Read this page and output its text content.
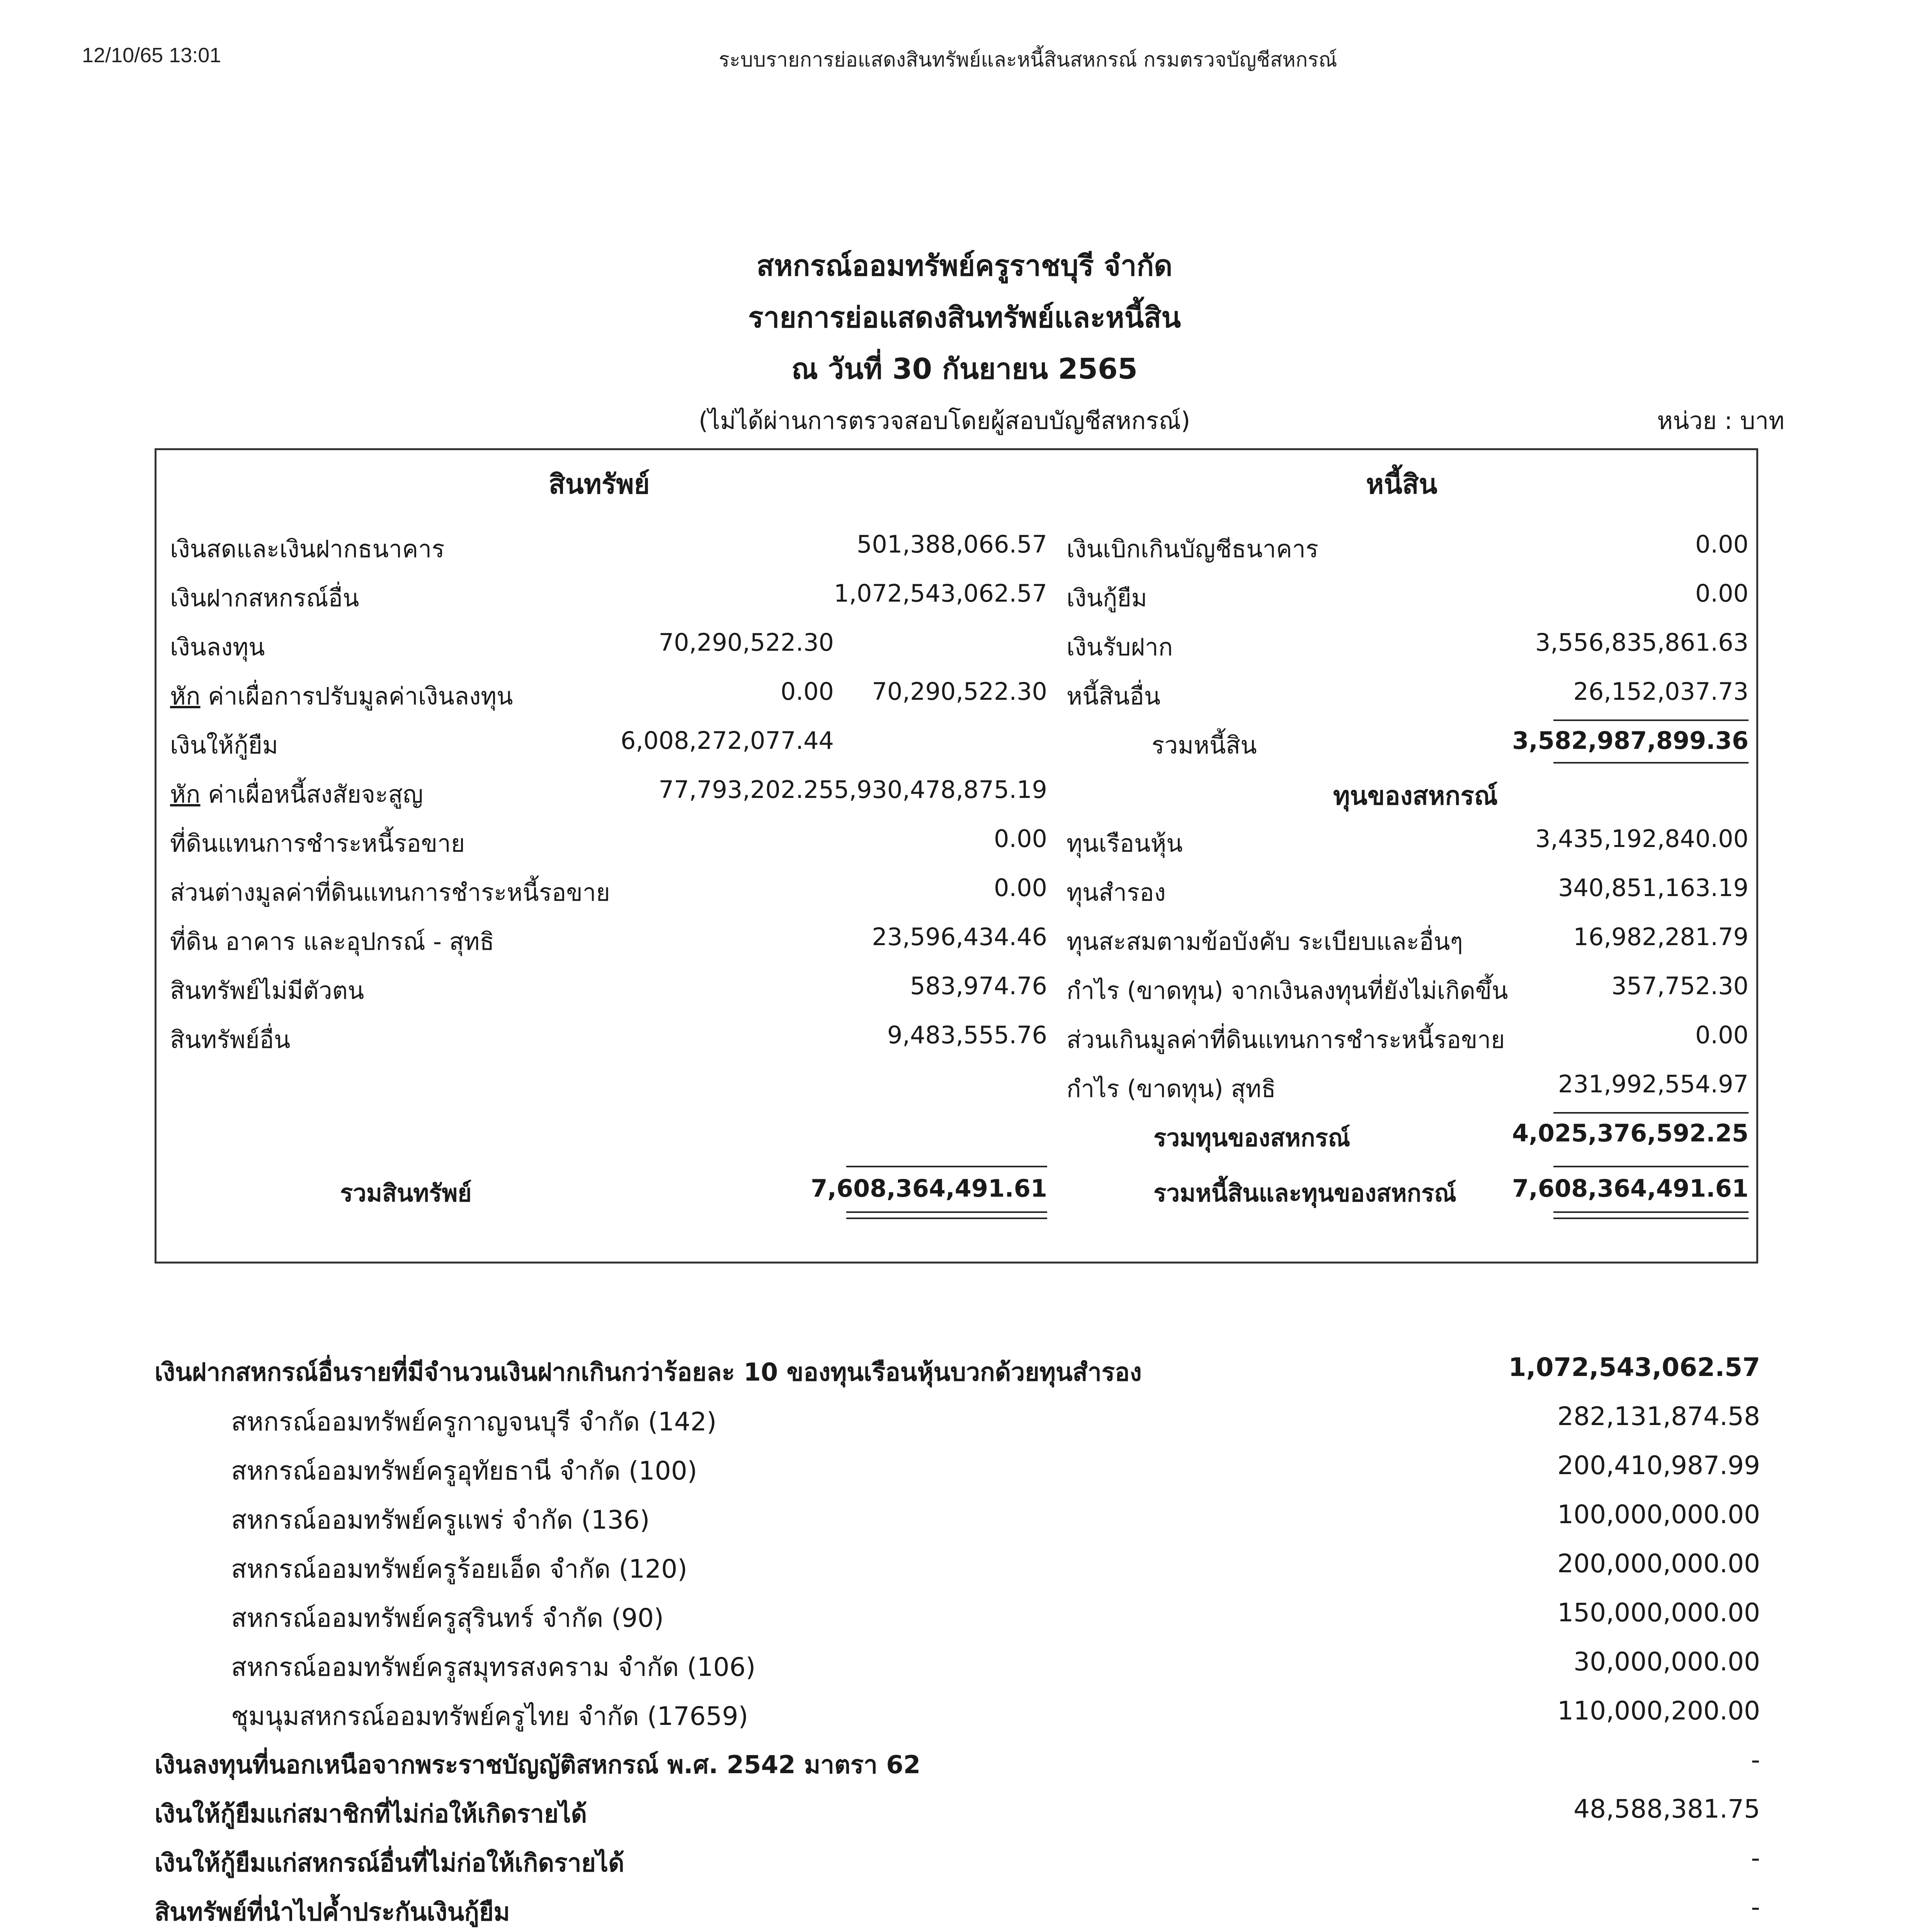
12/10/65 13:01	ระบบรายการย่อแสดงสินทรัพย์และหนี้สินสหกรณ์ กรมตรวจบัญชีสหกรณ์
สหกรณ์ออมทรัพย์ครูราชบุรี จำกัด
รายการย่อแสดงสินทรัพย์และหนี้สิน
ณ วันที่ 30 กันยายน 2565
(ไม่ได้ผ่านการตรวจสอบโดยผู้สอบบัญชีสหกรณ์)	หน่วย : บาท
สินทรัพย์	หนี้สิน
เงินสดและเงินฝากธนาคาร	501,388,066.57
เงินฝากสหกรณ์อื่น	1,072,543,062.57
เงินลงทุน	70,290,522.30
หัก ค่าเผื่อการปรับมูลค่าเงินลงทุน	0.00 70,290,522.30
เงินให้กู้ยืม	6,008,272,077.44
หัก ค่าเผื่อหนี้สงสัยจะสูญ	77,793,202.25 5,930,478,875.19
ที่ดินแทนการชำระหนี้รอขาย	0.00
ส่วนต่างมูลค่าที่ดินแทนการชำระหนี้รอขาย	0.00
ที่ดิน อาคาร และอุปกรณ์ - สุทธิ	23,596,434.46
สินทรัพย์ไม่มีตัวตน	583,974.76
สินทรัพย์อื่น	9,483,555.76
เงินเบิกเกินบัญชีธนาคาร	0.00
เงินกู้ยืม	0.00
เงินรับฝาก	3,556,835,861.63
หนี้สินอื่น	26,152,037.73
รวมหนี้สิน	3,582,987,899.36
ทุนของสหกรณ์
ทุนเรือนหุ้น	3,435,192,840.00
ทุนสำรอง	340,851,163.19
ทุนสะสมตามข้อบังคับ ระเบียบและอื่นๆ	16,982,281.79
กำไร (ขาดทุน) จากเงินลงทุนที่ยังไม่เกิดขึ้น	357,752.30
ส่วนเกินมูลค่าที่ดินแทนการชำระหนี้รอขาย	0.00
กำไร (ขาดทุน) สุทธิ	231,992,554.97
รวมทุนของสหกรณ์	4,025,376,592.25
รวมสินทรัพย์	7,608,364,491.61	รวมหนี้สินและทุนของสหกรณ์ 7,608,364,491.61
เงินฝากสหกรณ์อื่นรายที่มีจำนวนเงินฝากเกินกว่าร้อยละ 10 ของทุนเรือนหุ้นบวกด้วยทุนสำรอง	1,072,543,062.57
สหกรณ์ออมทรัพย์ครูกาญจนบุรี จำกัด (142)	282,131,874.58
สหกรณ์ออมทรัพย์ครูอุทัยธานี จำกัด (100)	200,410,987.99
สหกรณ์ออมทรัพย์ครูแพร่ จำกัด (136)	100,000,000.00
สหกรณ์ออมทรัพย์ครูร้อยเอ็ด จำกัด (120)	200,000,000.00
สหกรณ์ออมทรัพย์ครูสุรินทร์ จำกัด (90)	150,000,000.00
สหกรณ์ออมทรัพย์ครูสมุทรสงคราม จำกัด (106)	30,000,000.00
ชุมนุมสหกรณ์ออมทรัพย์ครูไทย จำกัด (17659)	110,000,200.00
เงินลงทุนที่นอกเหนือจากพระราชบัญญัติสหกรณ์ พ.ศ. 2542 มาตรา 62	-
เงินให้กู้ยืมแก่สมาชิกที่ไม่ก่อให้เกิดรายได้	48,588,381.75
เงินให้กู้ยืมแก่สหกรณ์อื่นที่ไม่ก่อให้เกิดรายได้	-
สินทรัพย์ที่นำไปค้ำประกันเงินกู้ยืม	-
